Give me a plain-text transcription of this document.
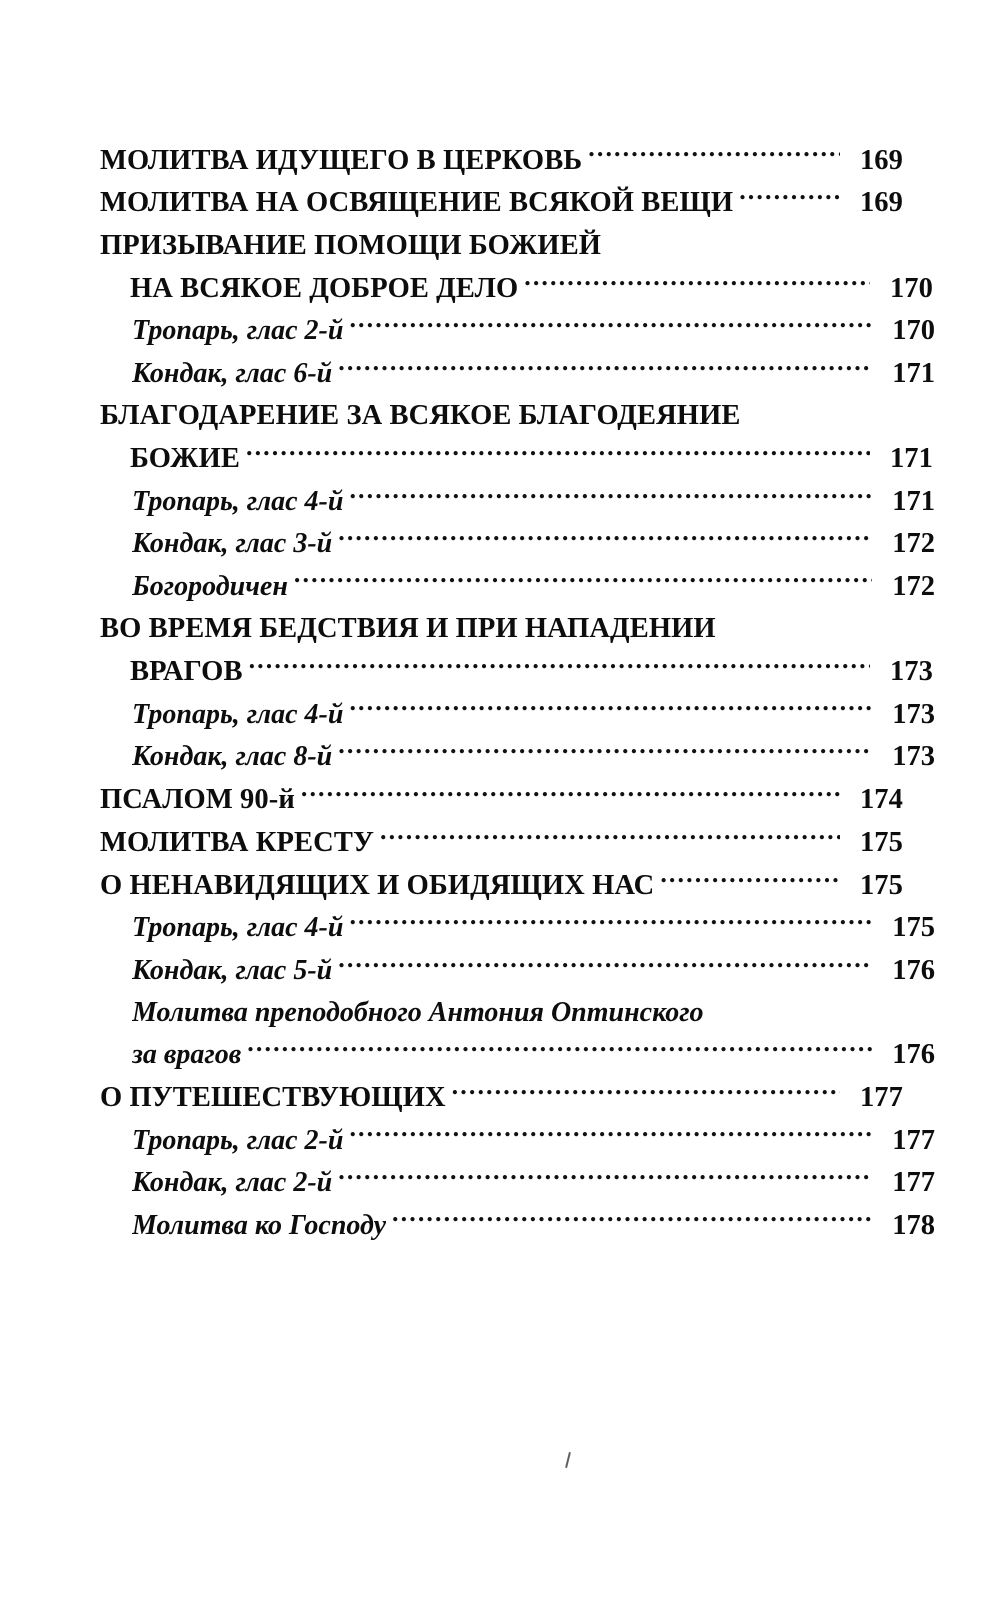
МОЛИТВА ИДУЩЕГО В ЦЕРКОВЬ .....	169
МОЛИТВА НА ОСВЯЩЕНИЕ ВСЯКОЙ ВЕЩИ .....	169
ПРИЗЫВАНИЕ ПОМОЩИ БОЖИЕЙ
НА ВСЯКОЕ ДОБРОЕ ДЕЛО .....	170
Тропарь, глас 2-й .....	170
Кондак, глас 6-й .....	171
БЛАГОДАРЕНИЕ ЗА ВСЯКОЕ БЛАГОДЕЯНИЕ
БОЖИЕ .....	171
Тропарь, глас 4-й .....	171
Кондак, глас 3-й .....	172
Богородичен .....	172
ВО ВРЕМЯ БЕДСТВИЯ И ПРИ НАПАДЕНИИ
ВРАГОВ .....	173
Тропарь, глас 4-й .....	173
Кондак, глас 8-й .....	173
ПСАЛОМ 90-й .....	174
МОЛИТВА КРЕСТУ .....	175
О НЕНАВИДЯЩИХ И ОБИДЯЩИХ НАС .....	175
Тропарь, глас 4-й .....	175
Кондак, глас 5-й .....	176
Молитва преподобного Антония Оптинского
за врагов .....	176
О ПУТЕШЕСТВУЮЩИХ .....	177
Тропарь, глас 2-й .....	177
Кондак, глас 2-й .....	177
Молитва ко Господу .....	178
